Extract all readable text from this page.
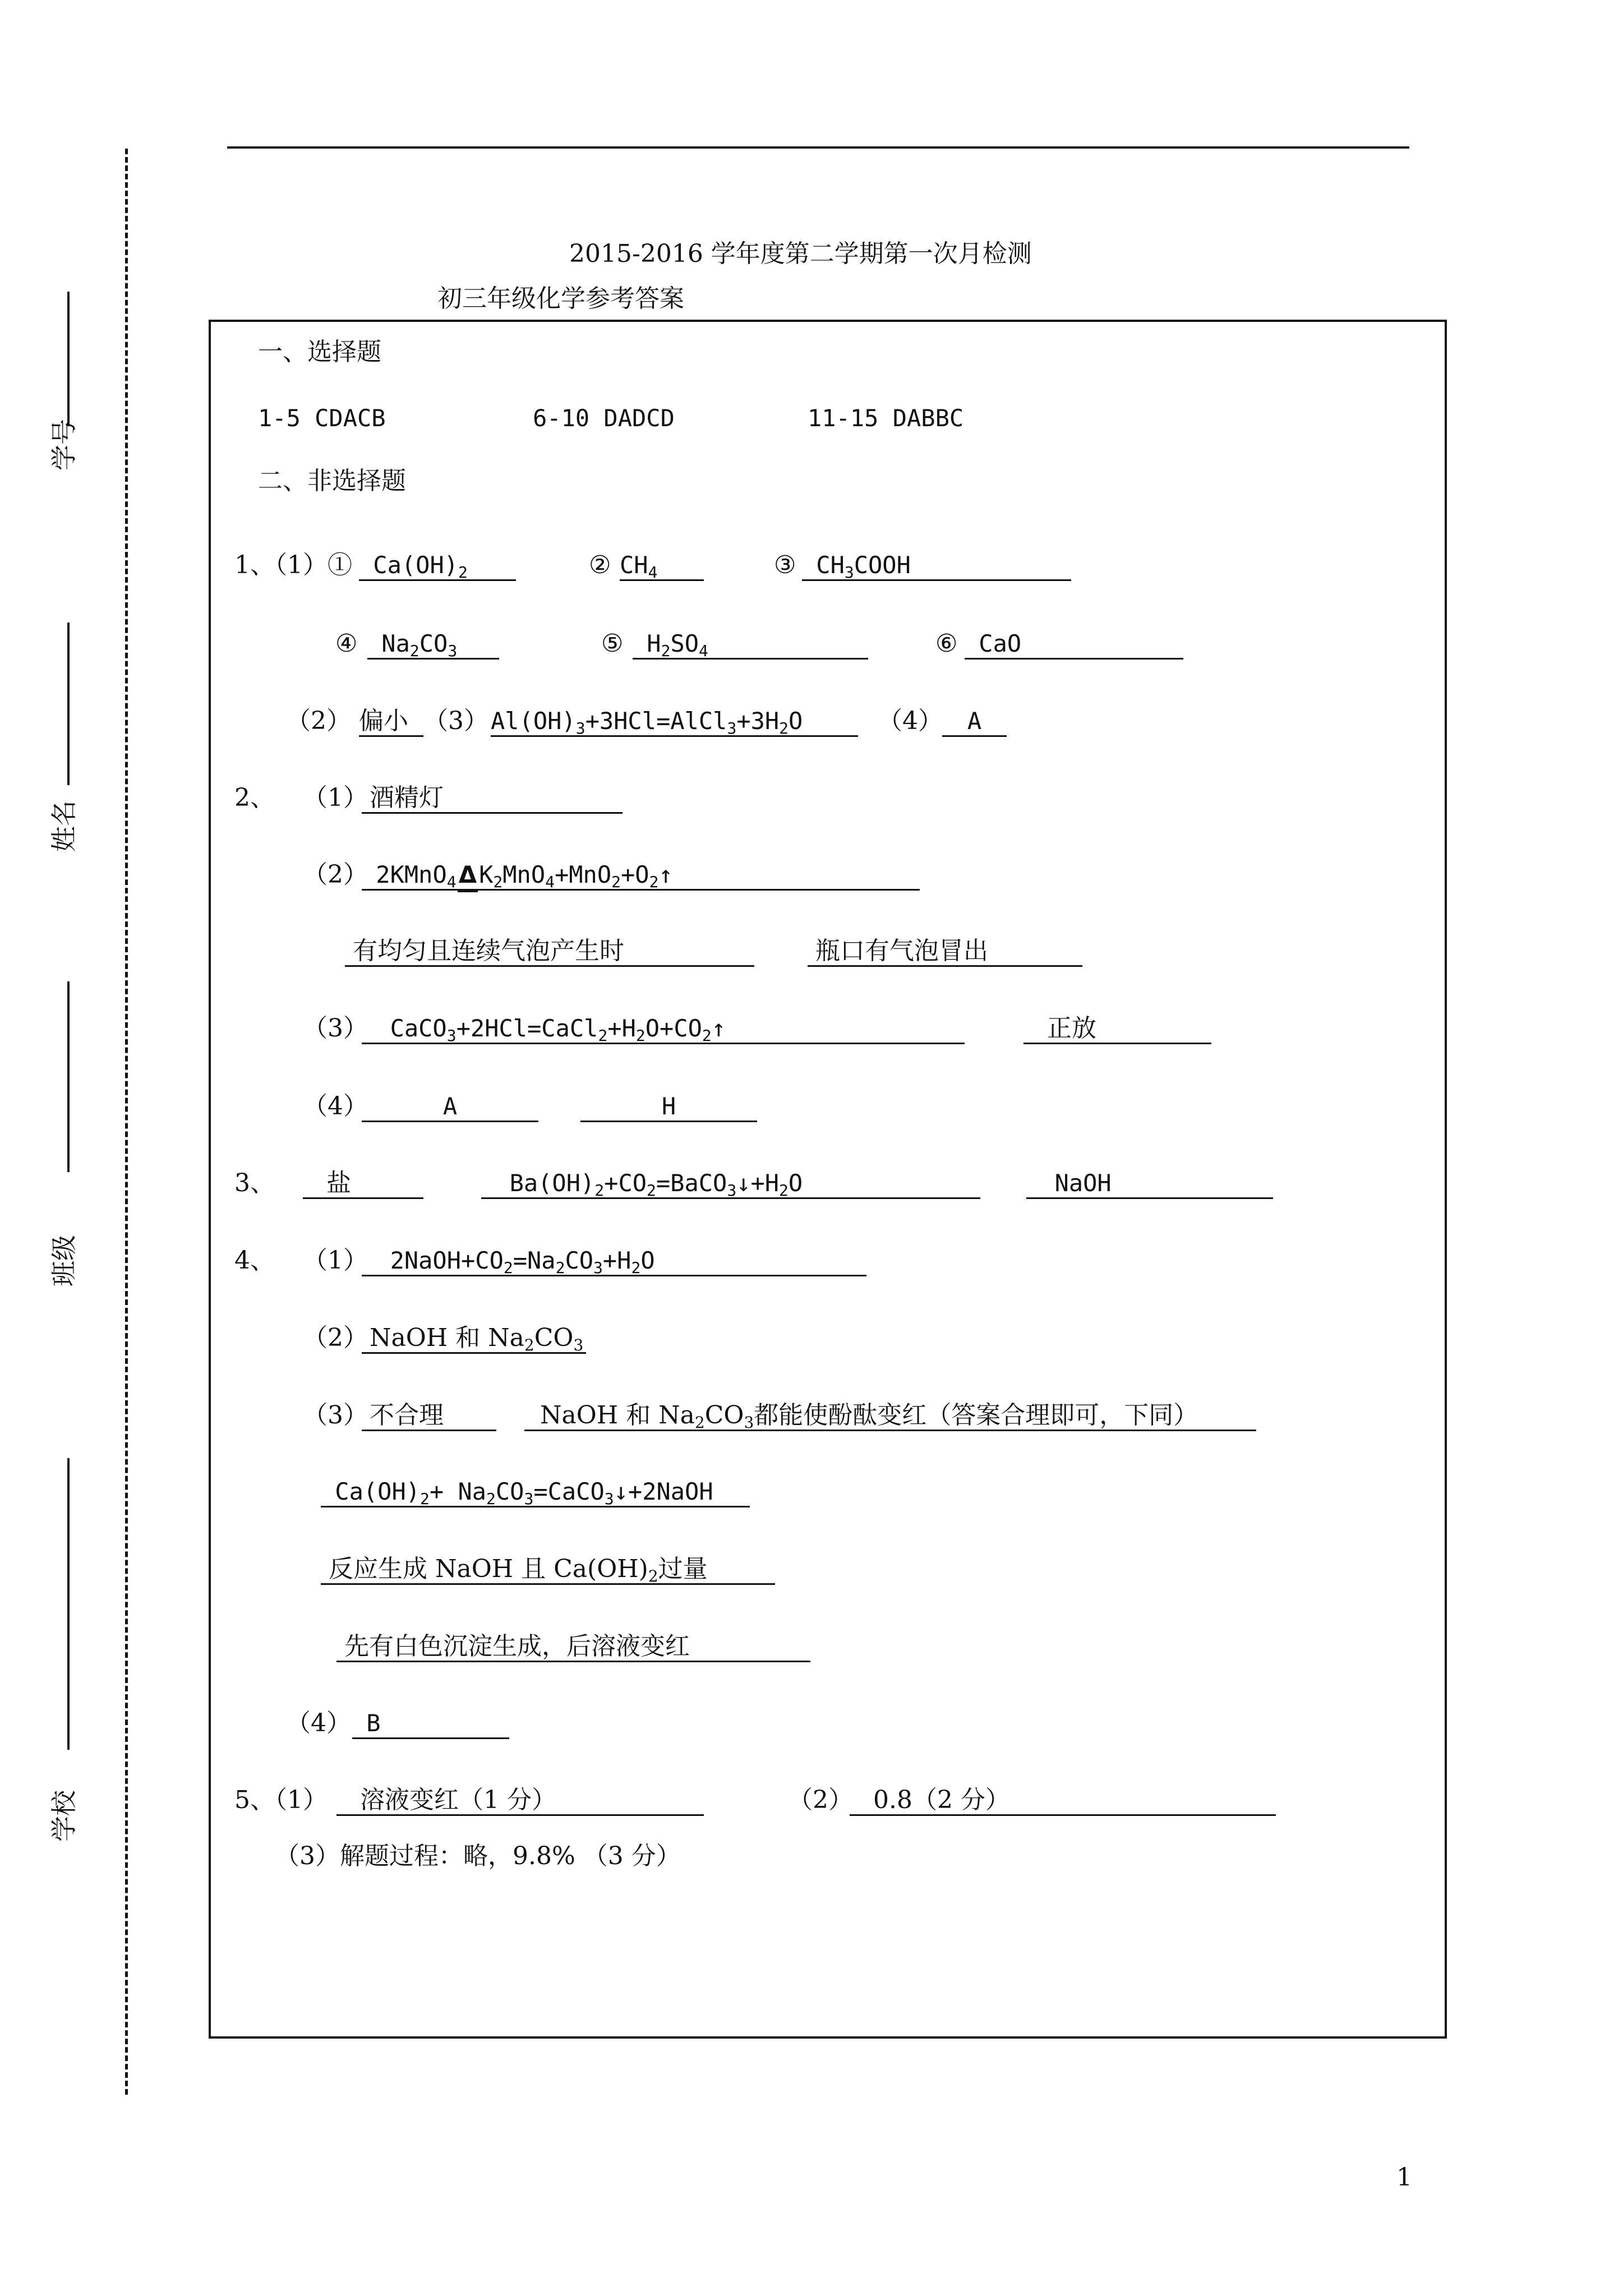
学号
姓名
班级
学校
2015-2016 学年度第二学期第一次月检测
初三年级化学参考答案
一、选择题
1-5 CDACB	6-10 DADCD	11-15 DABBC
二、非选择题
1、（1）① $Ca(OH)_2$	② $CH_4$	③ $CH_3COOH$
④	$Na_2CO_3$	⑤ $H_2SO_4$	⑥ CaO
（2） 偏小 （3） $Al(OH)_3+3HCl=AlCl_3+3H_2O$	（4）	A
2、 （1） 酒精灯
（2） 2KMnO$_4$Δ
$K_2MnO_4+MnO_2+O_2↑$
有均匀且连续气泡产生时	瓶口有气泡冒出
（3） $CaCO_3+2HCl=CaCl_2+H_2O+CO_2↑$	正放
（4）	A	H
3、	盐	$Ba(OH)_2+CO_2=BaCO_3↓+H_2O$	NaOH
4、 （1） $2NaOH+CO_2=Na_2CO_3+H_2O$
（2） NaOH 和 $Na_2CO_3$
（3） 不合理	NaOH 和 $Na_2CO_3$都能使酚酞变红（答案合理即可，下同）
$Ca(OH)_2+$ $Na_2CO_3=CaCO_3↓+2NaOH$
反应生成 NaOH 且 $Ca(OH)_2$过量
先有白色沉淀生成，后溶液变红
（4） B
5、（1）	溶液变红（1 分）	（2） 0.8（2 分）
（3）解题过程：略，9.8% （3 分）
1
